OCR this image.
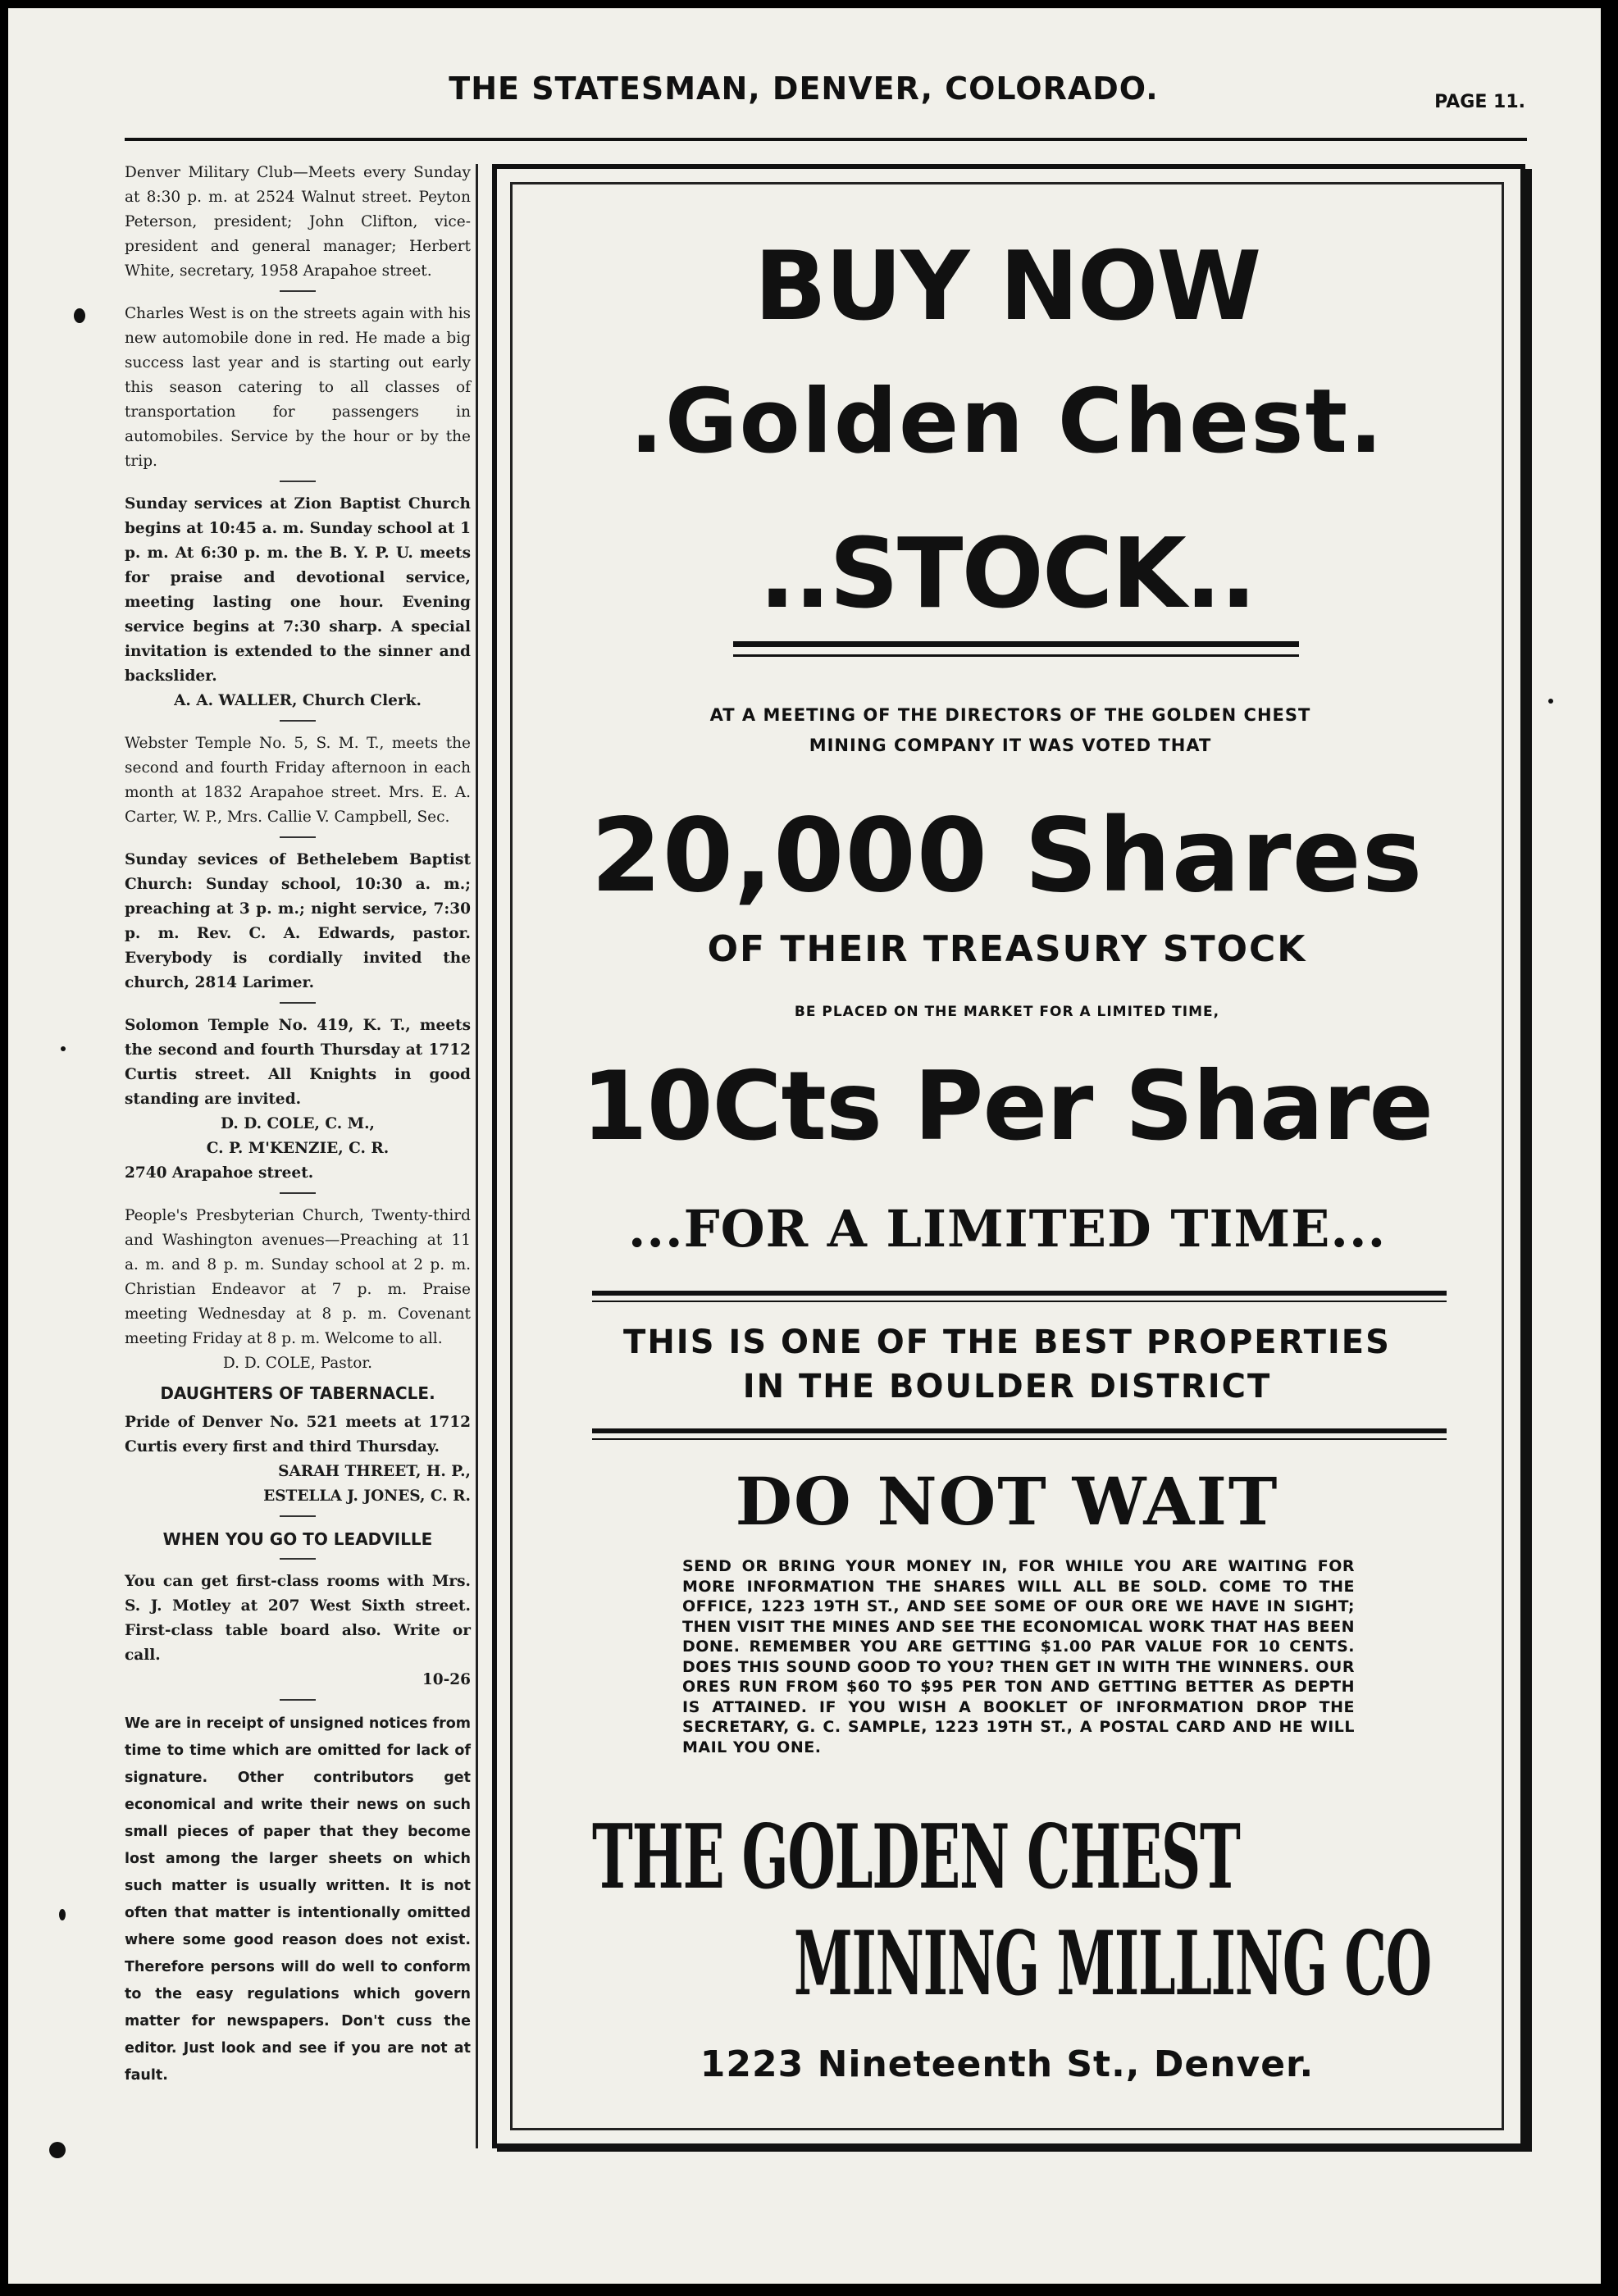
THE STATESMAN, DENVER, COLORADO.	PAGE 11.

Denver Military Club—Meets every Sunday at 8:30 p. m. at 2524 Walnut street. Peyton Peterson, president; John Clifton, vice-president and general manager; Herbert White, secretary, 1958 Arapahoe street.

Charles West is on the streets again with his new automobile done in red. He made a big success last year and is starting out early this season catering to all classes of transportation for passengers in automobiles. Service by the hour or by the trip.

Sunday services at Zion Baptist Church begins at 10:45 a. m. Sunday school at 1 p. m. At 6:30 p. m. the B. Y. P. U. meets for praise and devotional service, meeting lasting one hour. Evening service begins at 7:30 sharp. A special invitation is extended to the sinner and backslider.

A. A. WALLER, Church Clerk.

Webster Temple No. 5, S. M. T., meets the second and fourth Friday afternoon in each month at 1832 Arapahoe street. Mrs. E. A. Carter, W. P., Mrs. Callie V. Campbell, Sec.

Sunday sevices of Bethelebem Baptist Church: Sunday school, 10:30 a. m.; preaching at 3 p. m.; night service, 7:30 p. m. Rev. C. A. Edwards, pastor. Everybody is cordially invited the church, 2814 Larimer.

Solomon Temple No. 419, K. T., meets the second and fourth Thursday at 1712 Curtis street. All Knights in good standing are invited.

D. D. COLE, C. M.,

C. P. M'KENZIE, C. R.

2740 Arapahoe street.

People's Presbyterian Church, Twenty-third and Washington avenues—Preaching at 11 a. m. and 8 p. m. Sunday school at 2 p. m. Christian Endeavor at 7 p. m. Praise meeting Wednesday at 8 p. m. Covenant meeting Friday at 8 p. m. Welcome to all.

D. D. COLE, Pastor.

DAUGHTERS OF TABERNACLE.

Pride of Denver No. 521 meets at 1712 Curtis every first and third Thursday.

SARAH THREET, H. P.,

ESTELLA J. JONES, C. R.

WHEN YOU GO TO LEADVILLE

You can get first-class rooms with Mrs. S. J. Motley at 207 West Sixth street. First-class table board also. Write or call.

10-26

We are in receipt of unsigned notices from time to time which are omitted for lack of signature. Other contributors get economical and write their news on such small pieces of paper that they become lost among the larger sheets on which such matter is usually written. It is not often that matter is intentionally omitted where some good reason does not exist. Therefore persons will do well to conform to the easy regulations which govern matter for newspapers. Don't cuss the editor. Just look and see if you are not at fault.

BUY NOW
.Golden Chest.
..STOCK..
AT A MEETING OF THE DIRECTORS OF THE GOLDEN CHEST
MINING COMPANY IT WAS VOTED THAT
20,000 Shares
OF THEIR TREASURY STOCK
BE PLACED ON THE MARKET FOR A LIMITED TIME,
10Cts Per Share
...FOR A LIMITED TIME...
THIS IS ONE OF THE BEST PROPERTIES
IN THE BOULDER DISTRICT
DO NOT WAIT
SEND OR BRING YOUR MONEY IN, FOR WHILE YOU ARE WAITING FOR MORE INFORMATION THE SHARES WILL ALL BE SOLD. COME TO THE OFFICE, 1223 19TH ST., AND SEE SOME OF OUR ORE WE HAVE IN SIGHT; THEN VISIT THE MINES AND SEE THE ECONOMICAL WORK THAT HAS BEEN DONE. REMEMBER YOU ARE GETTING $1.00 PAR VALUE FOR 10 CENTS. DOES THIS SOUND GOOD TO YOU? THEN GET IN WITH THE WINNERS. OUR ORES RUN FROM $60 TO $95 PER TON AND GETTING BETTER AS DEPTH IS ATTAINED. IF YOU WISH A BOOKLET OF INFORMATION DROP THE SECRETARY, G. C. SAMPLE, 1223 19TH ST., A POSTAL CARD AND HE WILL MAIL YOU ONE.
THE GOLDEN CHEST
MINING MILLING CO
1223 Nineteenth St., Denver.
